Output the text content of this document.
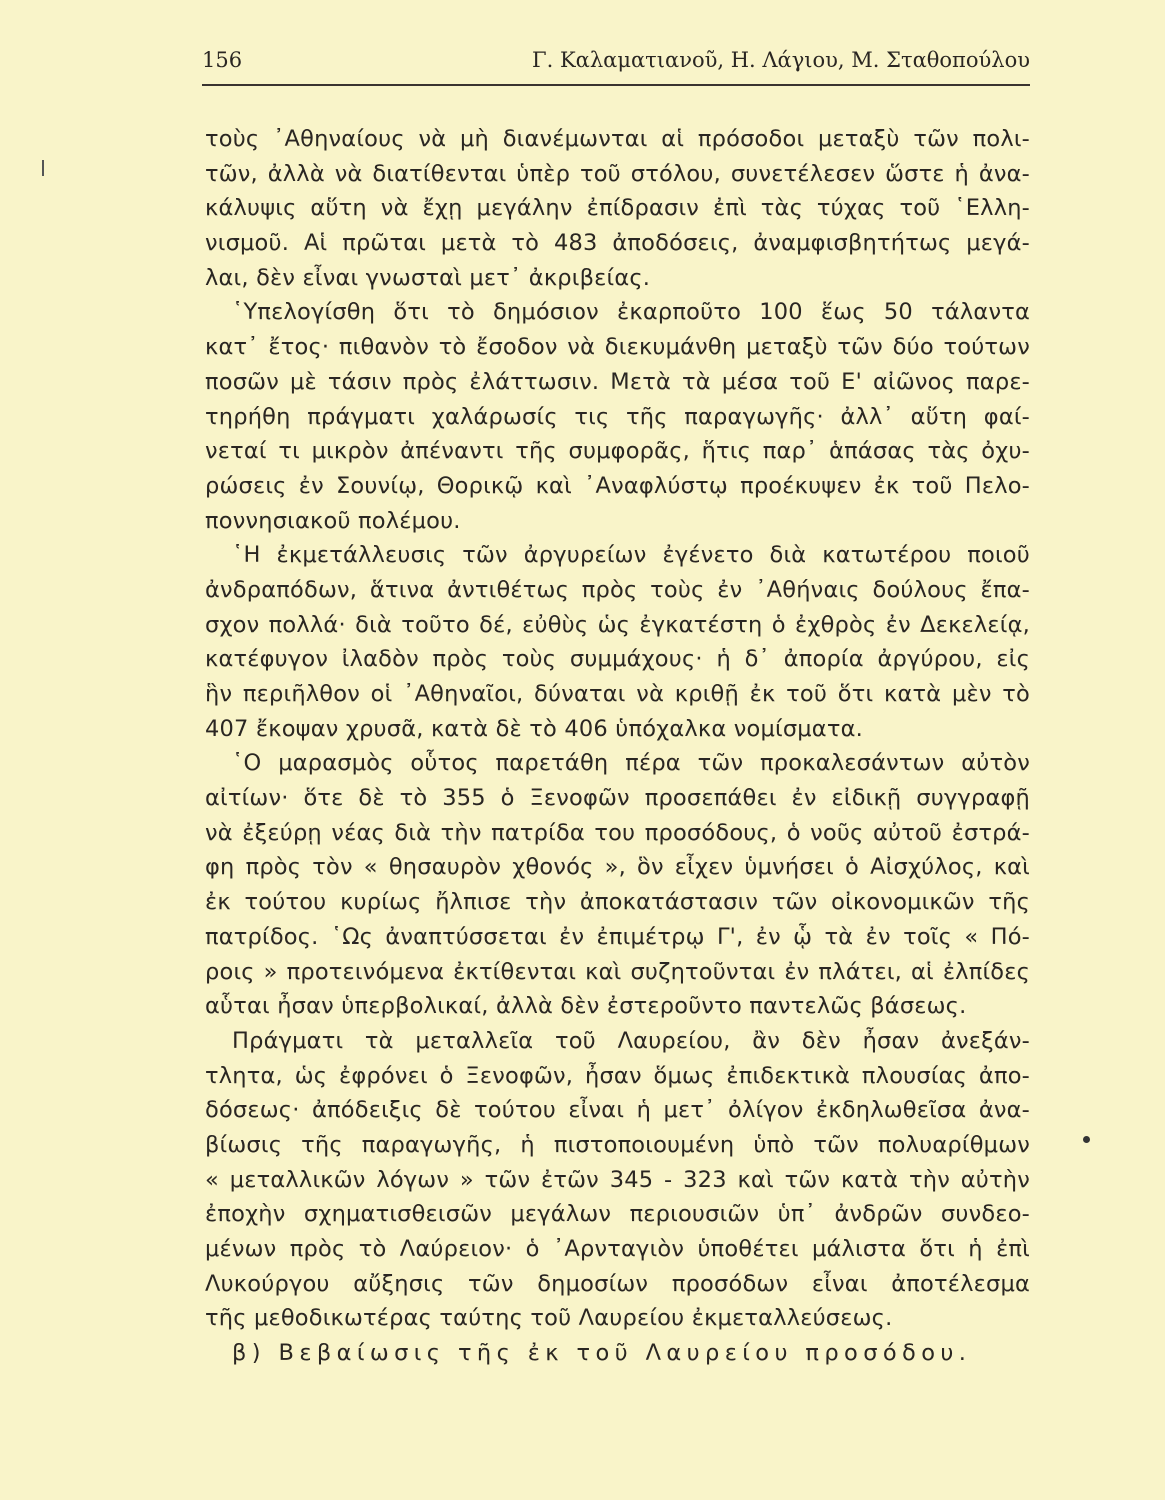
156	Γ. Καλαματιανοῦ, Η. Λάγιου, Μ. Σταθοπούλου
τοὺς ᾿Αθηναίους νὰ μὴ διανέμωνται αἱ πρόσοδοι μεταξὺ τῶν πολι-
τῶν, ἀλλὰ νὰ διατίθενται ὑπὲρ τοῦ στόλου, συνετέλεσεν ὥστε ἡ ἀνα-
κάλυψις αὕτη νὰ ἔχῃ μεγάλην ἐπίδρασιν ἐπὶ τὰς τύχας τοῦ ῾Ελλη-
νισμοῦ. Αἱ πρῶται μετὰ τὸ 483 ἀποδόσεις, ἀναμφισβητήτως μεγά-
λαι, δὲν εἶναι γνωσταὶ μετ᾿ ἀκριβείας.
῾Υπελογίσθη ὅτι τὸ δημόσιον ἐκαρποῦτο 100 ἕως 50 τάλαντα
κατ᾿ ἔτος· πιθανὸν τὸ ἔσοδον νὰ διεκυμάνθη μεταξὺ τῶν δύο τούτων
ποσῶν μὲ τάσιν πρὸς ἐλάττωσιν. Μετὰ τὰ μέσα τοῦ Ε' αἰῶνος παρε-
τηρήθη πράγματι χαλάρωσίς τις τῆς παραγωγῆς· ἀλλ᾿ αὕτη φαί-
νεταί τι μικρὸν ἀπέναντι τῆς συμφορᾶς, ἥτις παρ᾿ ἁπάσας τὰς ὀχυ-
ρώσεις ἐν Σουνίῳ, Θορικῷ καὶ ᾿Αναφλύστῳ προέκυψεν ἐκ τοῦ Πελο-
ποννησιακοῦ πολέμου.
῾Η ἐκμετάλλευσις τῶν ἀργυρείων ἐγένετο διὰ κατωτέρου ποιοῦ
ἀνδραπόδων, ἅτινα ἀντιθέτως πρὸς τοὺς ἐν ᾿Αθήναις δούλους ἔπα-
σχον πολλά· διὰ τοῦτο δέ, εὐθὺς ὡς ἐγκατέστη ὁ ἐχθρὸς ἐν Δεκελείᾳ,
κατέφυγον ἰλαδὸν πρὸς τοὺς συμμάχους· ἡ δ᾿ ἀπορία ἀργύρου, εἰς
ἣν περιῆλθον οἱ ᾿Αθηναῖοι, δύναται νὰ κριθῇ ἐκ τοῦ ὅτι κατὰ μὲν τὸ
407 ἔκοψαν χρυσᾶ, κατὰ δὲ τὸ 406 ὑπόχαλκα νομίσματα.
῾Ο μαρασμὸς οὗτος παρετάθη πέρα τῶν προκαλεσάντων αὐτὸν
αἰτίων· ὅτε δὲ τὸ 355 ὁ Ξενοφῶν προσεπάθει ἐν εἰδικῇ συγγραφῇ
νὰ ἐξεύρῃ νέας διὰ τὴν πατρίδα του προσόδους, ὁ νοῦς αὐτοῦ ἐστρά-
φη πρὸς τὸν « θησαυρὸν χθονός », ὃν εἶχεν ὑμνήσει ὁ Αἰσχύλος, καὶ
ἐκ τούτου κυρίως ἤλπισε τὴν ἀποκατάστασιν τῶν οἰκονομικῶν τῆς
πατρίδος. ῾Ως ἀναπτύσσεται ἐν ἐπιμέτρῳ Γ', ἐν ᾧ τὰ ἐν τοῖς « Πό-
ροις » προτεινόμενα ἐκτίθενται καὶ συζητοῦνται ἐν πλάτει, αἱ ἐλπίδες
αὗται ἦσαν ὑπερβολικαί, ἀλλὰ δὲν ἐστεροῦντο παντελῶς βάσεως.
Πράγματι τὰ μεταλλεῖα τοῦ Λαυρείου, ἂν δὲν ἦσαν ἀνεξάν-
τλητα, ὡς ἐφρόνει ὁ Ξενοφῶν, ἦσαν ὅμως ἐπιδεκτικὰ πλουσίας ἀπο-
δόσεως· ἀπόδειξις δὲ τούτου εἶναι ἡ μετ᾿ ὀλίγον ἐκδηλωθεῖσα ἀνα-
βίωσις τῆς παραγωγῆς, ἡ πιστοποιουμένη ὑπὸ τῶν πολυαρίθμων
« μεταλλικῶν λόγων » τῶν ἐτῶν 345 - 323 καὶ τῶν κατὰ τὴν αὐτὴν
ἐποχὴν σχηματισθεισῶν μεγάλων περιουσιῶν ὑπ᾿ ἀνδρῶν συνδεο-
μένων πρὸς τὸ Λαύρειον· ὁ ᾿Αρνταγιὸν ὑποθέτει μάλιστα ὅτι ἡ ἐπὶ
Λυκούργου αὔξησις τῶν δημοσίων προσόδων εἶναι ἀποτέλεσμα
τῆς μεθοδικωτέρας ταύτης τοῦ Λαυρείου ἐκμεταλλεύσεως.
β) Βεβαίωσις τῆς ἐκ τοῦ Λαυρείου προσόδου.
